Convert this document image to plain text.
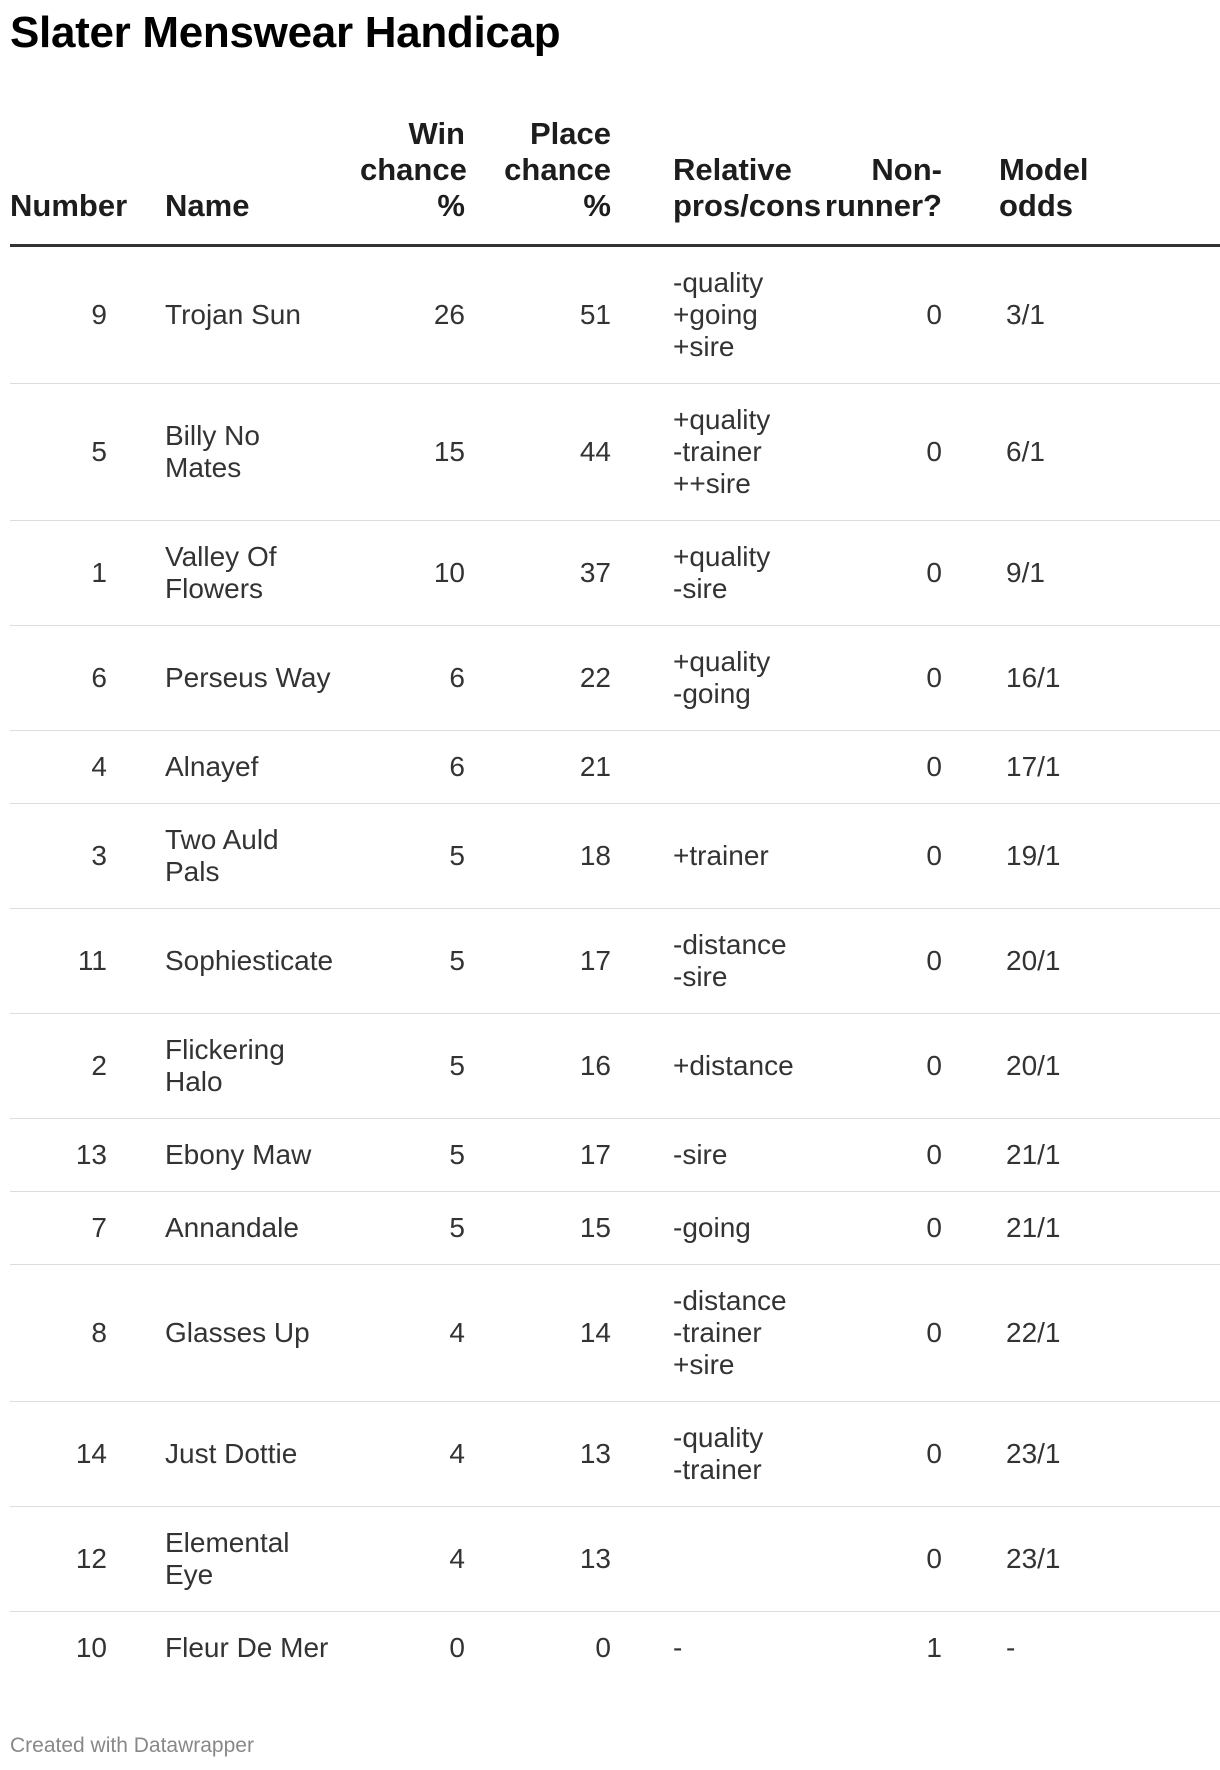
Slater Menswear Handicap
Number	Name	Win
chance
%	Place
chance
%	Relative
pros/cons	Non-
runner?	Model
odds

9	Trojan Sun	26	51	-quality
+going
+sire	0	3/1
5	Billy No Mates	15	44	+quality
-trainer
++sire	0	6/1
1	Valley Of Flowers	10	37	+quality
-sire	0	9/1
6	Perseus Way	6	22	+quality
-going	0	16/1
4	Alnayef	6	21		0	17/1
3	Two Auld Pals	5	18	+trainer	0	19/1
11	Sophiesticate	5	17	-distance
-sire	0	20/1
2	Flickering Halo	5	16	+distance	0	20/1
13	Ebony Maw	5	17	-sire	0	21/1
7	Annandale	5	15	-going	0	21/1
8	Glasses Up	4	14	-distance
-trainer
+sire	0	22/1
14	Just Dottie	4	13	-quality
-trainer	0	23/1
12	Elemental Eye	4	13		0	23/1
10	Fleur De Mer	0	0	-	1	-
Created with Datawrapper
